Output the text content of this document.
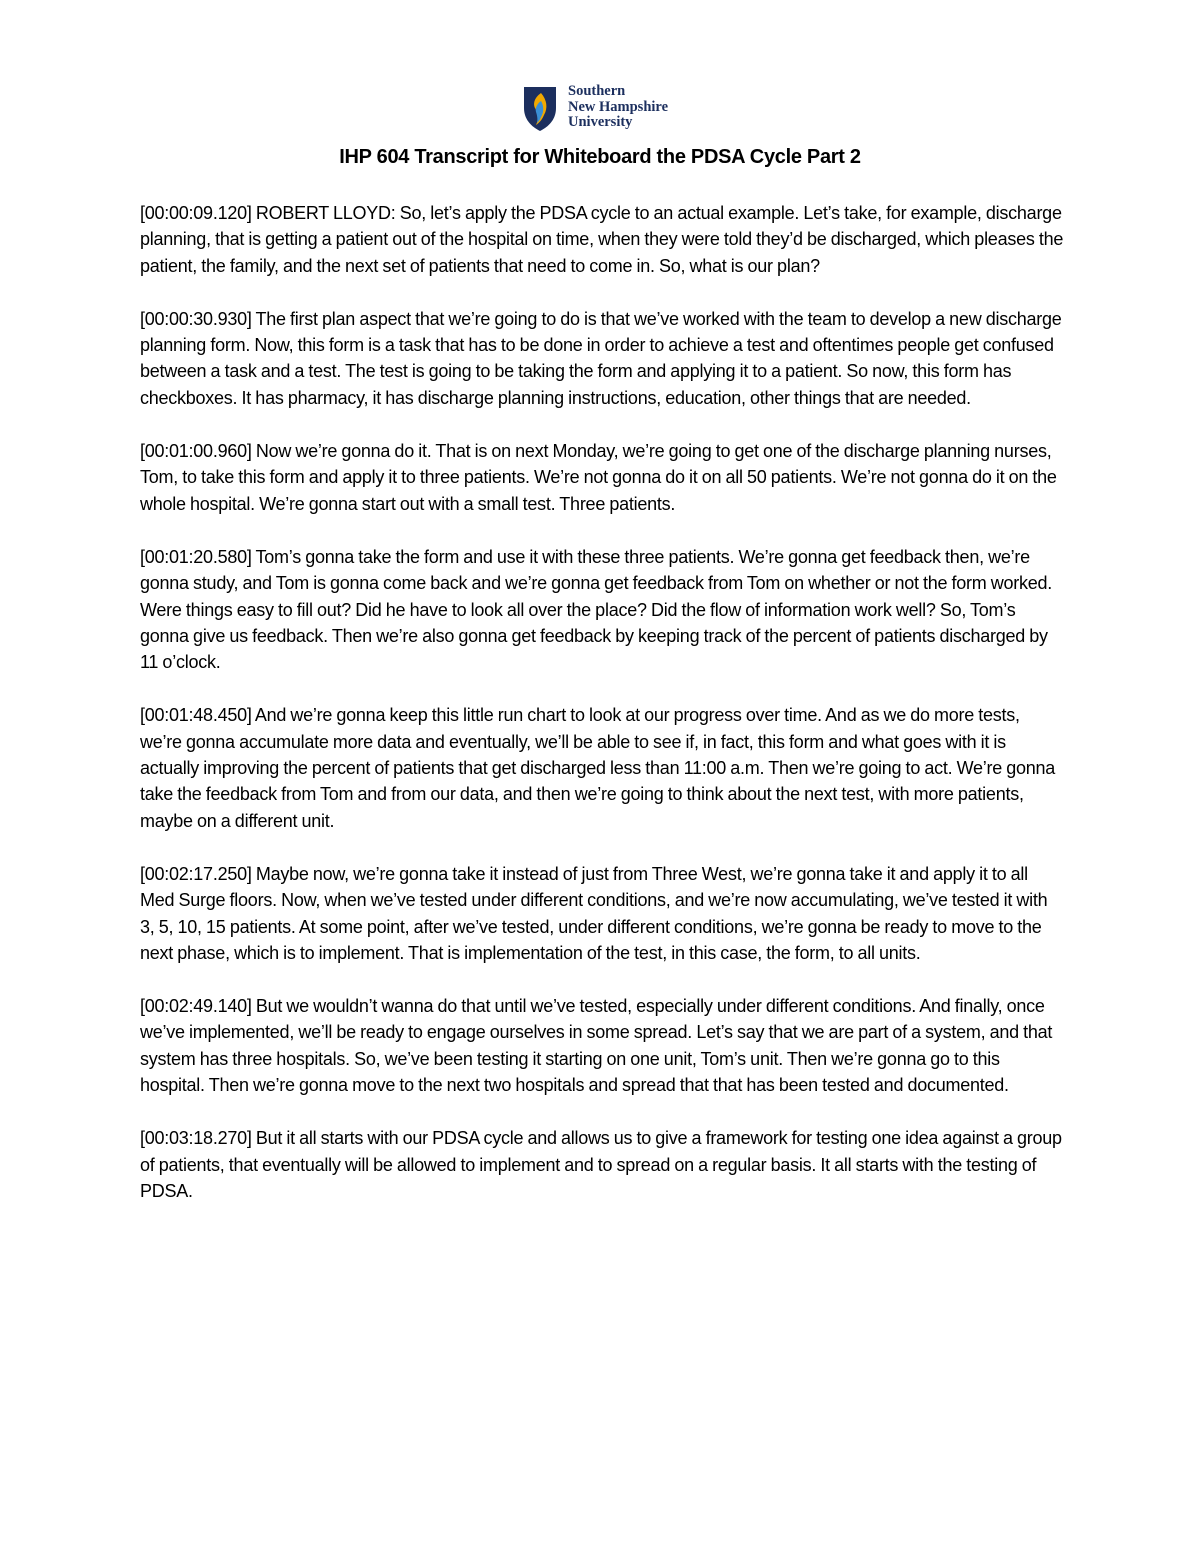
Southern
New Hampshire
University
IHP 604 Transcript for Whiteboard the PDSA Cycle Part 2

[00:00:09.120] ROBERT LLOYD: So, let’s apply the PDSA cycle to an actual example. Let’s take, for example, discharge planning, that is getting a patient out of the hospital on time, when they were told they’d be discharged, which pleases the patient, the family, and the next set of patients that need to come in. So, what is our plan?

[00:00:30.930] The first plan aspect that we’re going to do is that we’ve worked with the team to develop a new discharge planning form. Now, this form is a task that has to be done in order to achieve a test and oftentimes people get confused between a task and a test. The test is going to be taking the form and applying it to a patient. So now, this form has checkboxes. It has pharmacy, it has discharge planning instructions, education, other things that are needed.

[00:01:00.960] Now we’re gonna do it. That is on next Monday, we’re going to get one of the discharge planning nurses, Tom, to take this form and apply it to three patients. We’re not gonna do it on all 50 patients. We’re not gonna do it on the whole hospital. We’re gonna start out with a small test. Three patients.

[00:01:20.580] Tom’s gonna take the form and use it with these three patients. We’re gonna get feedback then, we’re gonna study, and Tom is gonna come back and we’re gonna get feedback from Tom on whether or not the form worked. Were things easy to fill out? Did he have to look all over the place? Did the flow of information work well? So, Tom’s gonna give us feedback. Then we’re also gonna get feedback by keeping track of the percent of patients discharged by 11 o’clock.

[00:01:48.450] And we’re gonna keep this little run chart to look at our progress over time. And as we do more tests, we’re gonna accumulate more data and eventually, we’ll be able to see if, in fact, this form and what goes with it is actually improving the percent of patients that get discharged less than 11:00 a.m. Then we’re going to act. We’re gonna take the feedback from Tom and from our data, and then we’re going to think about the next test, with more patients, maybe on a different unit.

[00:02:17.250] Maybe now, we’re gonna take it instead of just from Three West, we’re gonna take it and apply it to all Med Surge floors. Now, when we’ve tested under different conditions, and we’re now accumulating, we’ve tested it with 3, 5, 10, 15 patients. At some point, after we’ve tested, under different conditions, we’re gonna be ready to move to the next phase, which is to implement. That is implementation of the test, in this case, the form, to all units.

[00:02:49.140] But we wouldn’t wanna do that until we’ve tested, especially under different conditions. And finally, once we’ve implemented, we’ll be ready to engage ourselves in some spread. Let’s say that we are part of a system, and that system has three hospitals. So, we’ve been testing it starting on one unit, Tom’s unit. Then we’re gonna go to this hospital. Then we’re gonna move to the next two hospitals and spread that that has been tested and documented.

[00:03:18.270] But it all starts with our PDSA cycle and allows us to give a framework for testing one idea against a group of patients, that eventually will be allowed to implement and to spread on a regular basis. It all starts with the testing of PDSA.
